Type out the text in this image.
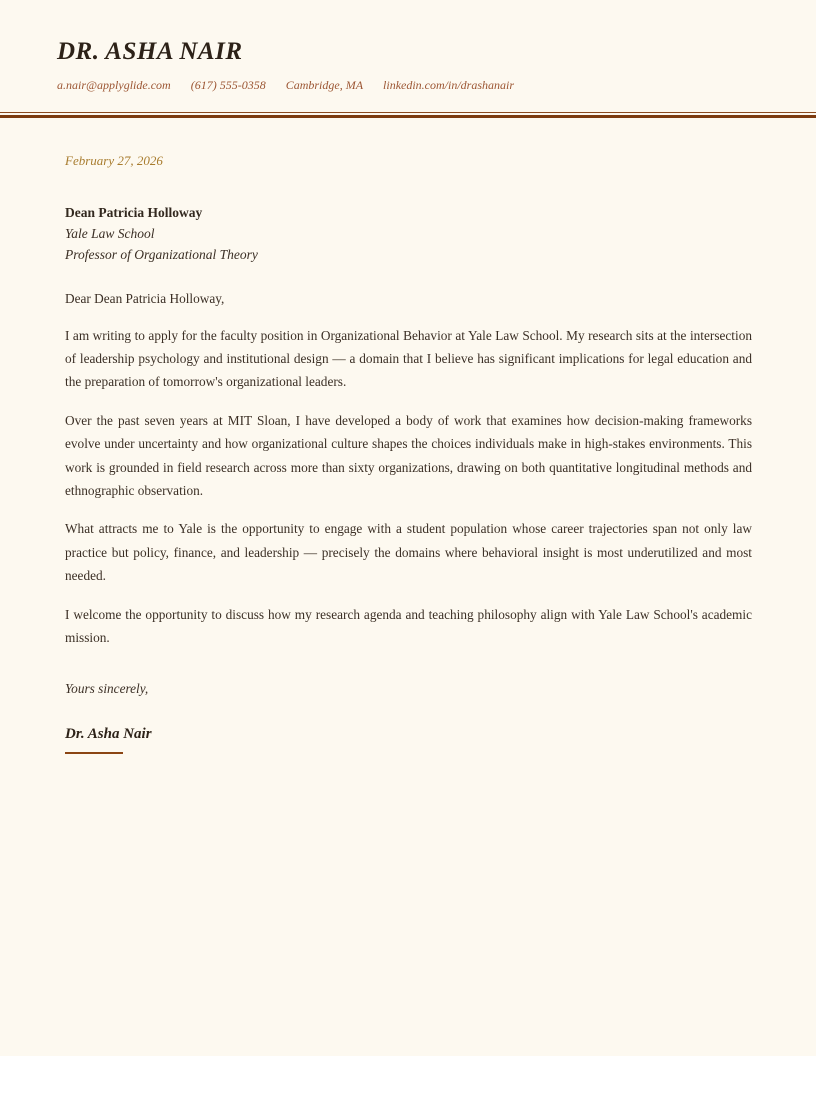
DR. ASHA NAIR
a.nair@applyglide.com (617) 555-0358 Cambridge, MA linkedin.com/in/drashanair

February 27, 2026

Dean Patricia Holloway

Yale Law School

Professor of Organizational Theory

Dear Dean Patricia Holloway,

I am writing to apply for the faculty position in Organizational Behavior at Yale Law School. My research sits at the intersection of leadership psychology and institutional design — a domain that I believe has significant implications for legal education and the preparation of tomorrow's organizational leaders.

Over the past seven years at MIT Sloan, I have developed a body of work that examines how decision-making frameworks evolve under uncertainty and how organizational culture shapes the choices individuals make in high-stakes environments. This work is grounded in field research across more than sixty organizations, drawing on both quantitative longitudinal methods and ethnographic observation.

What attracts me to Yale is the opportunity to engage with a student population whose career trajectories span not only law practice but policy, finance, and leadership — precisely the domains where behavioral insight is most underutilized and most needed.

I welcome the opportunity to discuss how my research agenda and teaching philosophy align with Yale Law School's academic mission.

Yours sincerely,

Dr. Asha Nair
